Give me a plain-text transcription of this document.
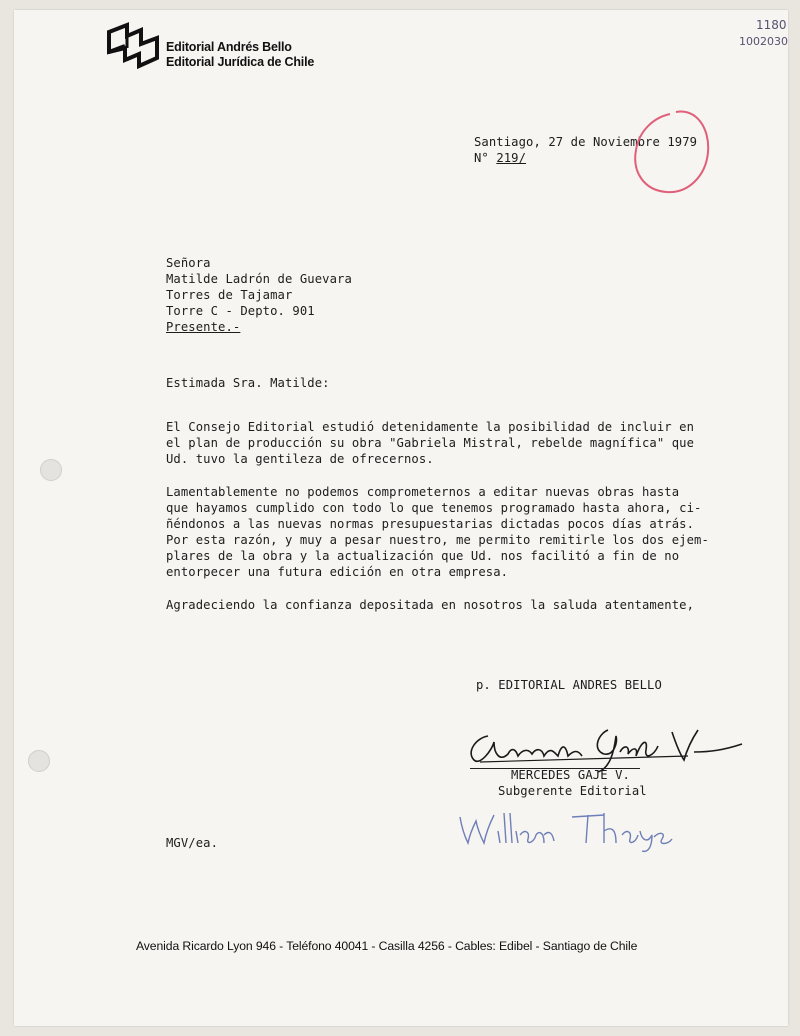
Editorial Andrés Bello
Editorial Jurídica de Chile
1180
1002030
Santiago, 27 de Noviembre 1979
N° 219/
Señora
Matilde Ladrón de Guevara
Torres de Tajamar
Torre C - Depto. 901
Presente.-
Estimada Sra. Matilde:
El Consejo Editorial estudió detenidamente la posibilidad de incluir en
el plan de producción su obra "Gabriela Mistral, rebelde magnífica" que
Ud. tuvo la gentileza de ofrecernos.
Lamentablemente no podemos comprometernos a editar nuevas obras hasta
que hayamos cumplido con todo lo que tenemos programado hasta ahora, ci-
ñéndonos a las nuevas normas presupuestarias dictadas pocos días atrás.
Por esta razón, y muy a pesar nuestro, me permito remitirle los dos ejem-
plares de la obra y la actualización que Ud. nos facilitó a fin de no
entorpecer una futura edición en otra empresa.
Agradeciendo la confianza depositada en nosotros la saluda atentamente,
p. EDITORIAL ANDRES BELLO
MERCEDES GAJE V.
Subgerente Editorial
MGV/ea.
Avenida Ricardo Lyon 946 - Teléfono 40041 - Casilla 4256 - Cables: Edibel - Santiago de Chile
